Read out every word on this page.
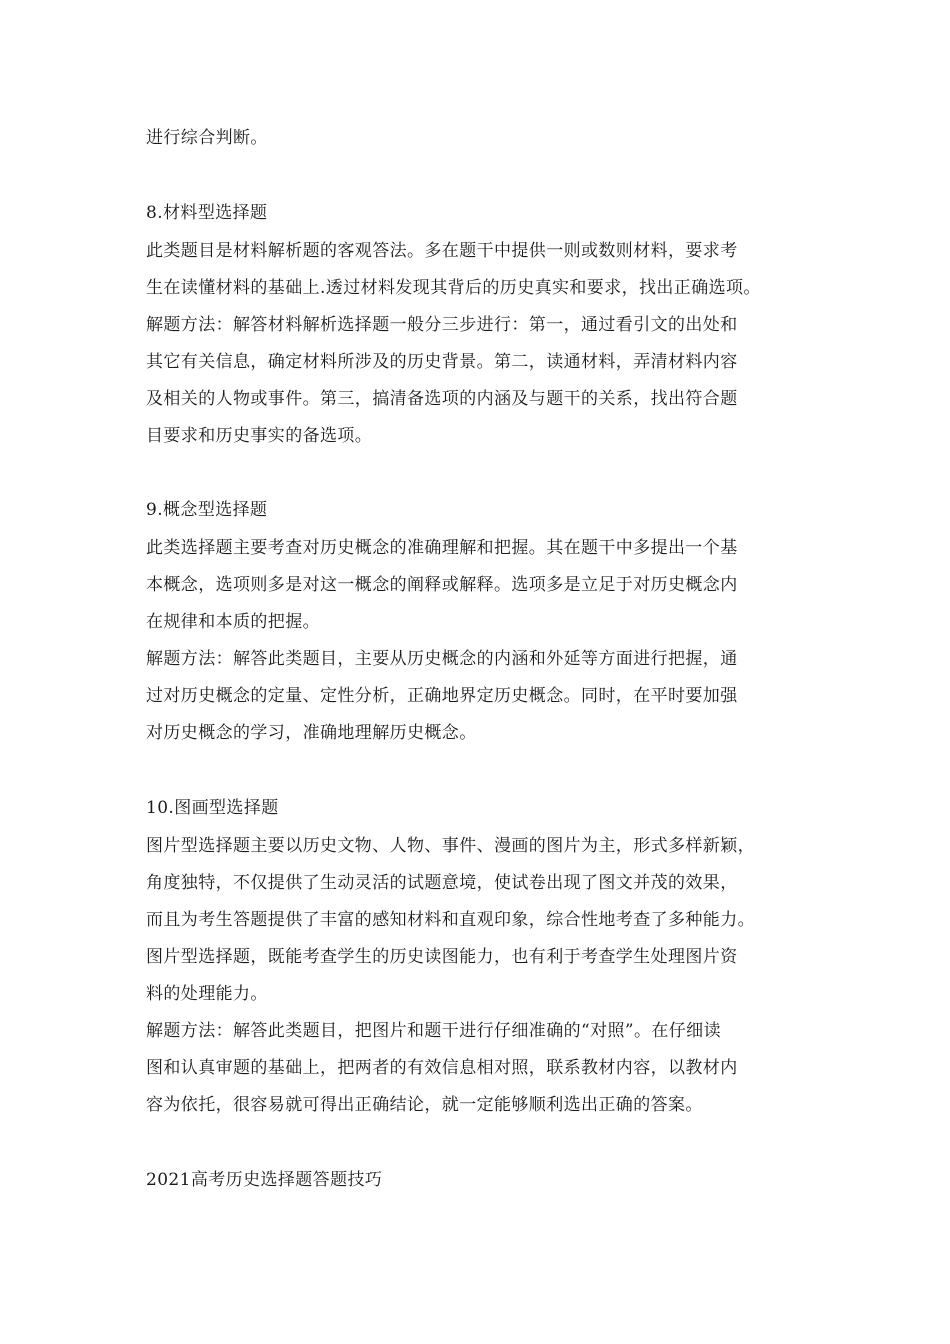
进行综合判断。
8.材料型选择题
此类题目是材料解析题的客观答法。多在题干中提供一则或数则材料，要求考
生在读懂材料的基础上.透过材料发现其背后的历史真实和要求，找出正确选项。
解题方法：解答材料解析选择题一般分三步进行：第一，通过看引文的出处和
其它有关信息，确定材料所涉及的历史背景。第二，读通材料，弄清材料内容
及相关的人物或事件。第三，搞清备选项的内涵及与题干的关系，找出符合题
目要求和历史事实的备选项。
9.概念型选择题
此类选择题主要考查对历史概念的准确理解和把握。其在题干中多提出一个基
本概念，选项则多是对这一概念的阐释或解释。选项多是立足于对历史概念内
在规律和本质的把握。
解题方法：解答此类题目，主要从历史概念的内涵和外延等方面进行把握，通
过对历史概念的定量、定性分析，正确地界定历史概念。同时，在平时要加强
对历史概念的学习，准确地理解历史概念。
10.图画型选择题
图片型选择题主要以历史文物、人物、事件、漫画的图片为主，形式多样新颖，
角度独特，不仅提供了生动灵活的试题意境，使试卷出现了图文并茂的效果，
而且为考生答题提供了丰富的感知材料和直观印象，综合性地考查了多种能力。
图片型选择题，既能考查学生的历史读图能力，也有利于考查学生处理图片资
料的处理能力。
解题方法：解答此类题目，把图片和题干进行仔细准确的“对照”。在仔细读
图和认真审题的基础上，把两者的有效信息相对照，联系教材内容，以教材内
容为依托，很容易就可得出正确结论，就一定能够顺利选出正确的答案。
2021高考历史选择题答题技巧
